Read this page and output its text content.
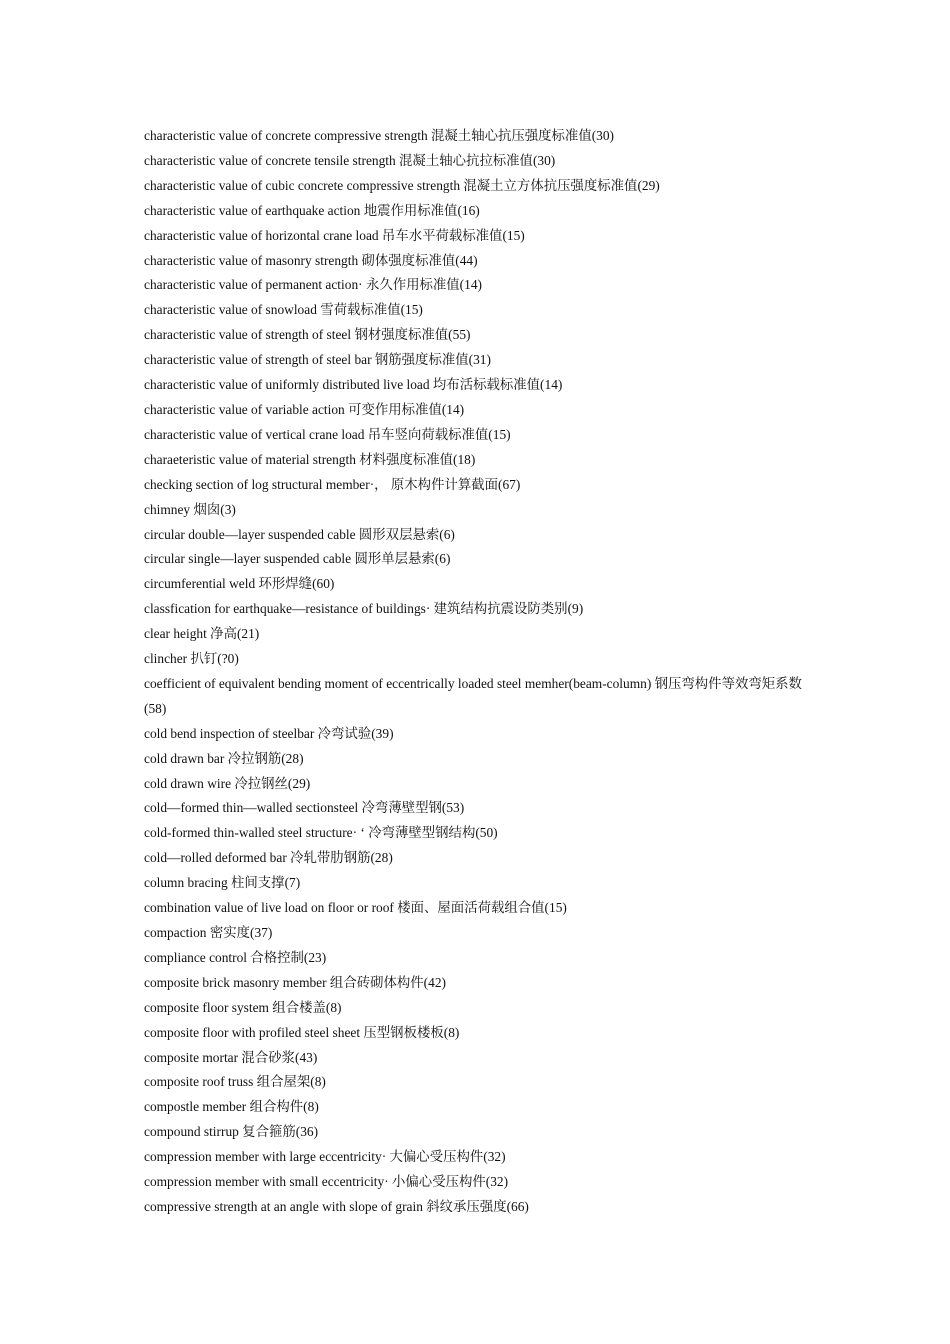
characteristic value of concrete compressive strength 混凝土轴心抗压强度标准值(30)
characteristic value of concrete tensile strength 混凝土轴心抗拉标准值(30)
characteristic value of cubic concrete compressive strength 混凝土立方体抗压强度标准值(29)
characteristic value of earthquake action 地震作用标准值(16)
characteristic value of horizontal crane load 吊车水平荷载标准值(15)
characteristic value of masonry strength 砌体强度标准值(44)
characteristic value of permanent action· 永久作用标准值(14)
characteristic value of snowload 雪荷载标准值(15)
characteristic value of strength of steel 钢材强度标准值(55)
characteristic value of strength of steel bar 钢筋强度标准值(31)
characteristic value of uniformly distributed live load 均布活标载标准值(14)
characteristic value of variable action 可变作用标准值(14)
characteristic value of vertical crane load 吊车竖向荷载标准值(15)
charaeteristic value of material strength 材料强度标准值(18)
checking section of log structural member·， 原木构件计算截面(67)
chimney 烟囱(3)
circular double—layer suspended cable 圆形双层悬索(6)
circular single—layer suspended cable 圆形单层悬索(6)
circumferential weld 环形焊缝(60)
classfication for earthquake—resistance of buildings· 建筑结构抗震设防类别(9)
clear height 净高(21)
clincher 扒钉(?0)
coefficient of equivalent bending moment of eccentrically loaded steel memher(beam-column) 钢压弯构件等效弯矩系数(58)
cold bend inspection of steelbar 冷弯试验(39)
cold drawn bar 冷拉钢筋(28)
cold drawn wire 冷拉钢丝(29)
cold—formed thin—walled sectionsteel 冷弯薄壁型钢(53)
cold-formed thin-walled steel structure· ‘ 冷弯薄壁型钢结构(50)
cold—rolled deformed bar 冷轧带肋钢筋(28)
column bracing 柱间支撑(7)
combination value of live load on floor or roof 楼面、屋面活荷载组合值(15)
compaction 密实度(37)
compliance control 合格控制(23)
composite brick masonry member 组合砖砌体构件(42)
composite floor system 组合楼盖(8)
composite floor with profiled steel sheet 压型钢板楼板(8)
composite mortar 混合砂浆(43)
composite roof truss 组合屋架(8)
compostle member 组合构件(8)
compound stirrup 复合箍筋(36)
compression member with large eccentricity· 大偏心受压构件(32)
compression member with small eccentricity· 小偏心受压构件(32)
compressive strength at an angle with slope of grain 斜纹承压强度(66)
